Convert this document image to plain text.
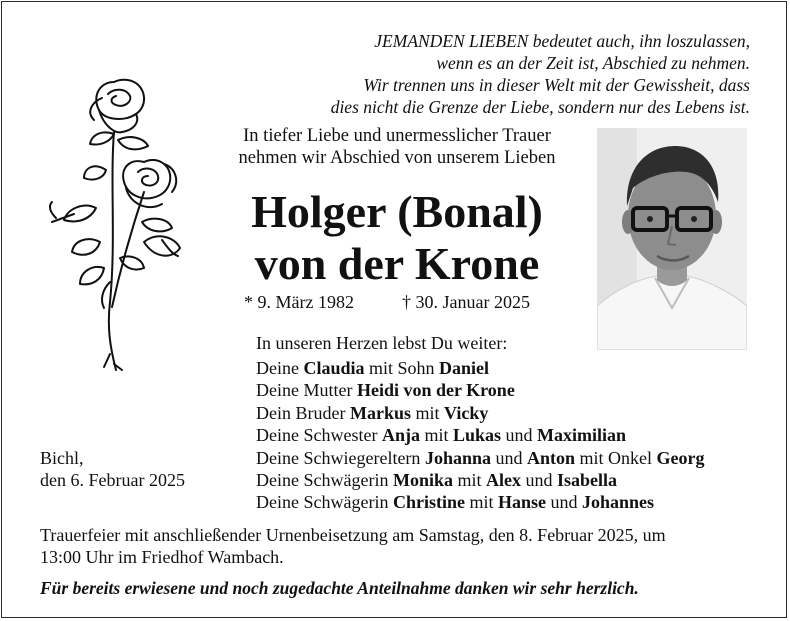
JEMANDEN LIEBEN bedeutet auch, ihn loszulassen,
wenn es an der Zeit ist, Abschied zu nehmen.
Wir trennen uns in dieser Welt mit der Gewissheit, dass
dies nicht die Grenze der Liebe, sondern nur des Lebens ist.
In tiefer Liebe und unermesslicher Trauer
nehmen wir Abschied von unserem Lieben
Holger (Bonal)
von der Krone
* 9. März 1982	† 30. Januar 2025
In unseren Herzen lebst Du weiter:
Deine Claudia mit Sohn Daniel
Deine Mutter Heidi von der Krone
Dein Bruder Markus mit Vicky
Deine Schwester Anja mit Lukas und Maximilian
Deine Schwiegereltern Johanna und Anton mit Onkel Georg
Deine Schwägerin Monika mit Alex und Isabella
Deine Schwägerin Christine mit Hanse und Johannes
Bichl,
den 6. Februar 2025
Trauerfeier mit anschließender Urnenbeisetzung am Samstag, den 8. Februar 2025, um
13:00 Uhr im Friedhof Wambach.
Für bereits erwiesene und noch zugedachte Anteilnahme danken wir sehr herzlich.
